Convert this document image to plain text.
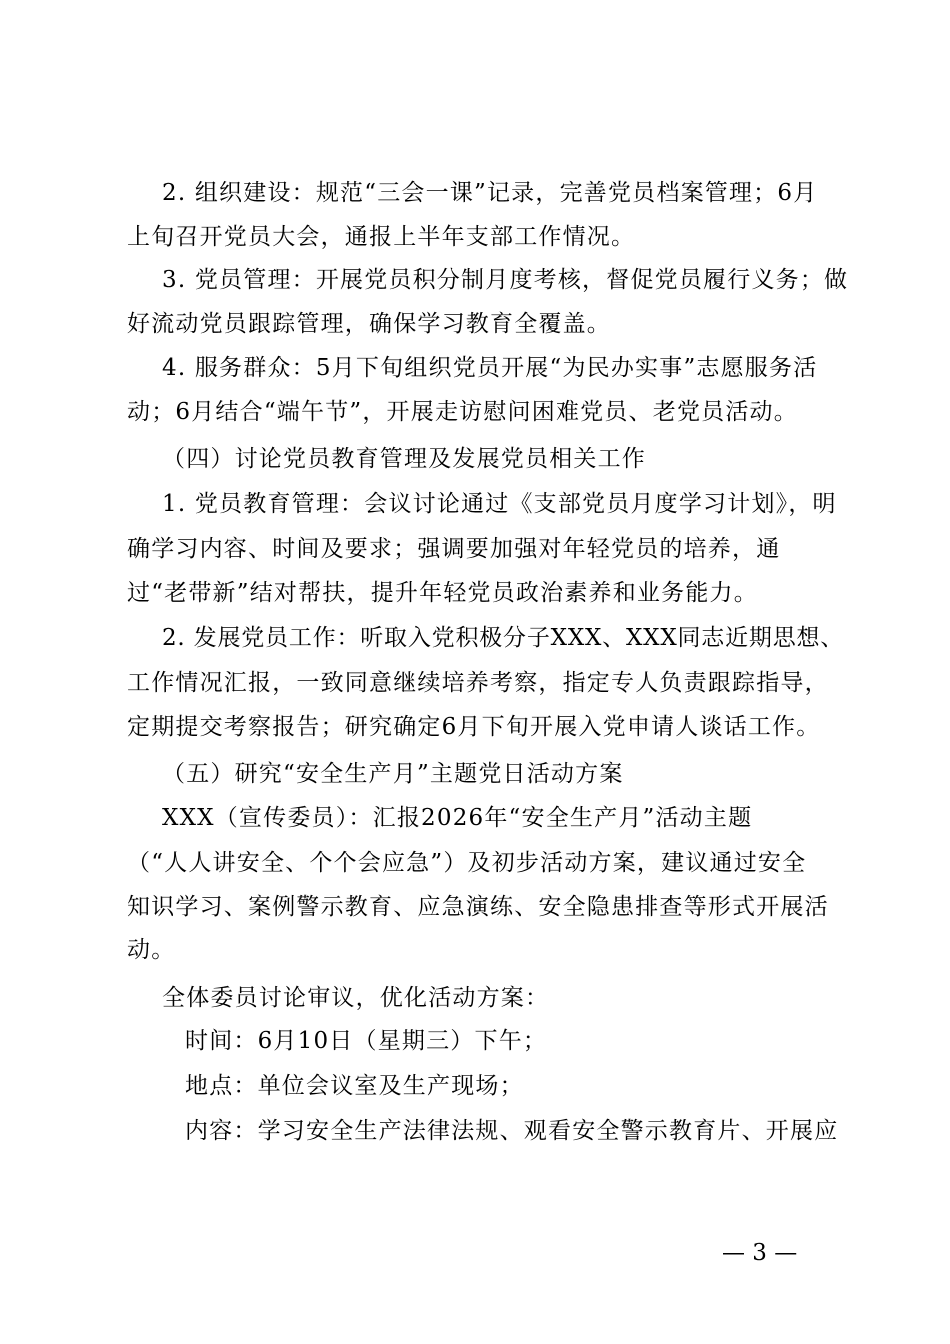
2. 组织建设：规范“三会一课”记录，完善党员档案管理；6月
上旬召开党员大会，通报上半年支部工作情况。
3. 党员管理：开展党员积分制月度考核，督促党员履行义务；做
好流动党员跟踪管理，确保学习教育全覆盖。
4. 服务群众：5月下旬组织党员开展“为民办实事”志愿服务活
动；6月结合“端午节”，开展走访慰问困难党员、老党员活动。
（四）讨论党员教育管理及发展党员相关工作
1. 党员教育管理：会议讨论通过《支部党员月度学习计划》，明
确学习内容、时间及要求；强调要加强对年轻党员的培养，通
过“老带新”结对帮扶，提升年轻党员政治素养和业务能力。
2. 发展党员工作：听取入党积极分子XXX、XXX同志近期思想、
工作情况汇报，一致同意继续培养考察，指定专人负责跟踪指导，
定期提交考察报告；研究确定6月下旬开展入党申请人谈话工作。
（五）研究“安全生产月”主题党日活动方案
XXX（宣传委员）：汇报2026年“安全生产月”活动主题
（“人人讲安全、个个会应急”）及初步活动方案，建议通过安全
知识学习、案例警示教育、应急演练、安全隐患排查等形式开展活
动。
全体委员讨论审议，优化活动方案：
时间：6月10日（星期三）下午；
地点：单位会议室及生产现场；
内容：学习安全生产法律法规、观看安全警示教育片、开展应
— 3 —
